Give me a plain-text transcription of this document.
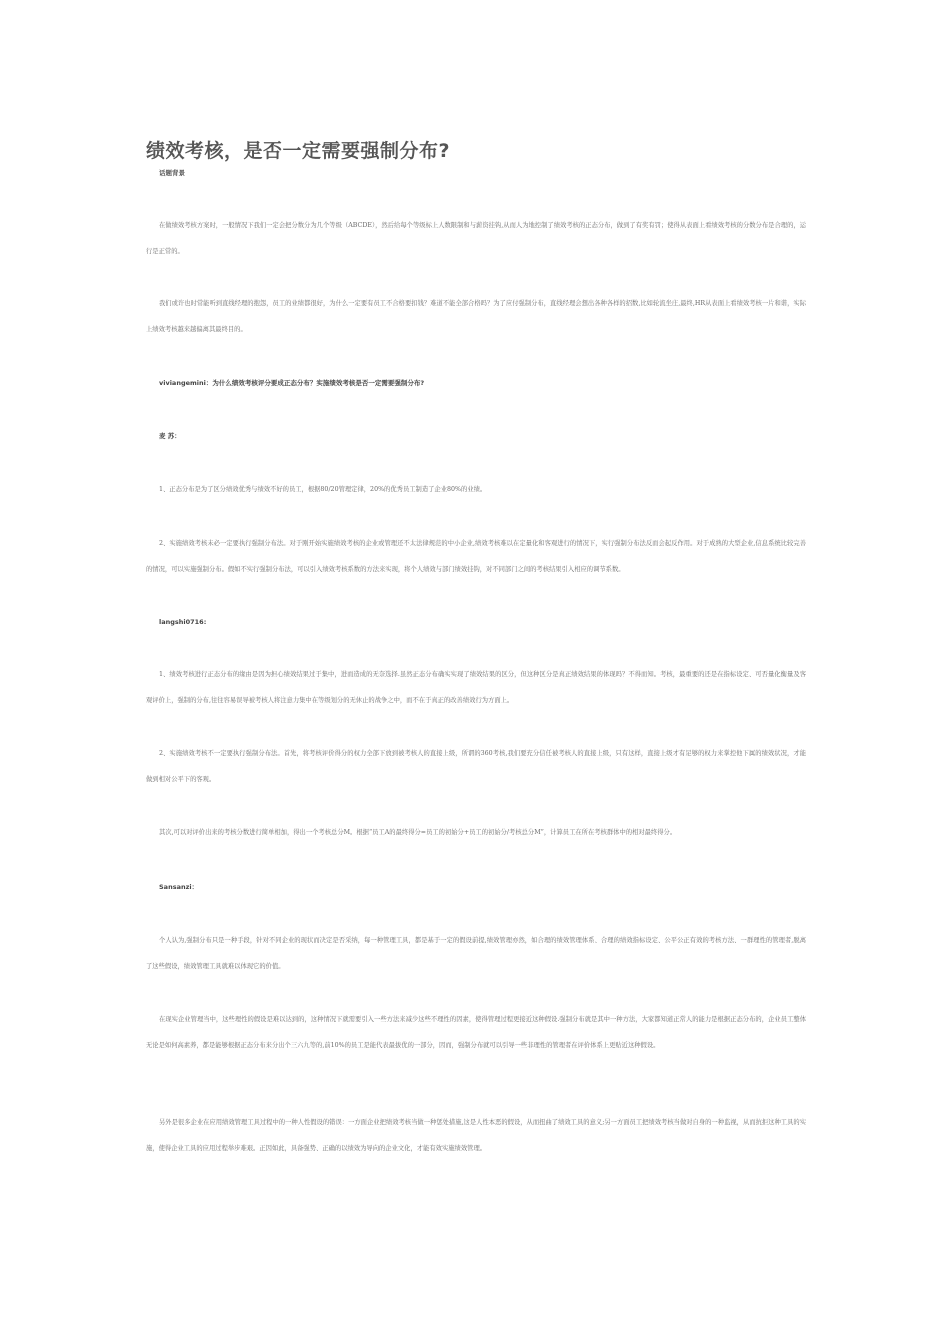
绩效考核，是否一定需要强制分布?
话题背景

在做绩效考核方案时，一般情况下我们一定会把分数分为几个等级（ABCDE），然后给每个等级标上人数限制和与薪资挂钩,从而人为地控制了绩效考核的正态分布，做到了有奖有罚；使得从表面上看绩效考核的分数分布是合理的，运行是正常的。

我们或许也时常能听到直线经理的抱怨，员工的业绩都很好，为什么一定要有员工不合格要扣钱？难道不能全部合格吗？为了应付强制分布，直线经理会想出各种各样的招数,比如轮流坐庄,最终,HR从表面上看绩效考核一片和谐，实际上绩效考核越来越偏离其最终目的。

viviangemini：为什么绩效考核评分要成正态分布？实施绩效考核是否一定需要强制分布?
麦 苏：

1、正态分布是为了区分绩效优秀与绩效不好的员工，根据80/20管理定律，20%的优秀员工制造了企业80%的业绩。

2、实施绩效考核未必一定要执行强制分布法。对于刚开始实施绩效考核的企业或管理还不太法律规范的中小企业,绩效考核难以在定量化和客观进行的情况下，实行强制分布法反而会起反作用。对于成熟的大型企业,信息系统比较完善的情况，可以实施强制分布。假如不实行强制分布法，可以引入绩效考核系数的方法来实现，将个人绩效与部门绩效挂钩，对不同部门之间的考核结果引入相应的调节系数。

langshi0716:

1、绩效考核进行正态分布的缘由是因为担心绩效结果过于集中，进而造成的无奈选择.虽然正态分布确实实现了绩效结果的区分，但这种区分是真正绩效结果的体现吗？不得而知。考核，最重要的还是在指标设定、可否量化衡量及客观评价上，强制的分布,往往容易误导被考核人将注意力集中在等级划分的无休止的战争之中，而不在于真正的改善绩效行为方面上。

2、实施绩效考核不一定要执行强制分布法。首先，将考核评价得分的权力全部下放到被考核人的直接上级，所谓的360考核,我们要充分信任被考核人的直接上级，只有这样，直接上级才有足够的权力来掌控他下属的绩效状况，才能做到相对公平下的客观。

其次,可以对评价出来的考核分数进行简单相加，得出一个考核总分M。根据“员工A的最终得分=员工的初始分+员工的初始分/考核总分M”，计算员工在所在考核群体中的相对最终得分。

Sansanzi：

个人认为,强制分布只是一种手段，针对不同企业的现状而决定是否采纳，每一种管理工具，都是基于一定的假设前提,绩效管理亦然，如合理的绩效管理体系、合理的绩效指标设定、公平公正有效的考核方法、一群理性的管理者,脱离了这些假设，绩效管理工具就难以体现它的价值。

在现实企业管理当中，这些理性的假设是难以达到的，这种情况下就需要引入一些方法来减少这些不理性的因素，使得管理过程更接近这种假设.强制分布就是其中一种方法，大家都知道正常人的能力是根据正态分布的，企业员工整体无论是如何高素养，都是能够根据正态分布来分出个三六九等的,前10%的员工是能代表最拔优的一部分，因而，强制分布就可以引导一些非理性的管理者在评价体系上更贴近这种假设。

另外是很多企业在应用绩效管理工具过程中的一种人性假设的错误：一方面企业把绩效考核当做一种惩处措施,这是人性本恶的假设，从而扭曲了绩效工具的意义;另一方面员工把绩效考核当做对自身的一种监视，从而抗拒这种工具的实施，使得企业工具的应用过程举步难艰。正因如此，具备强势、正确的以绩效为导向的企业文化，才能有效实施绩效管理。
